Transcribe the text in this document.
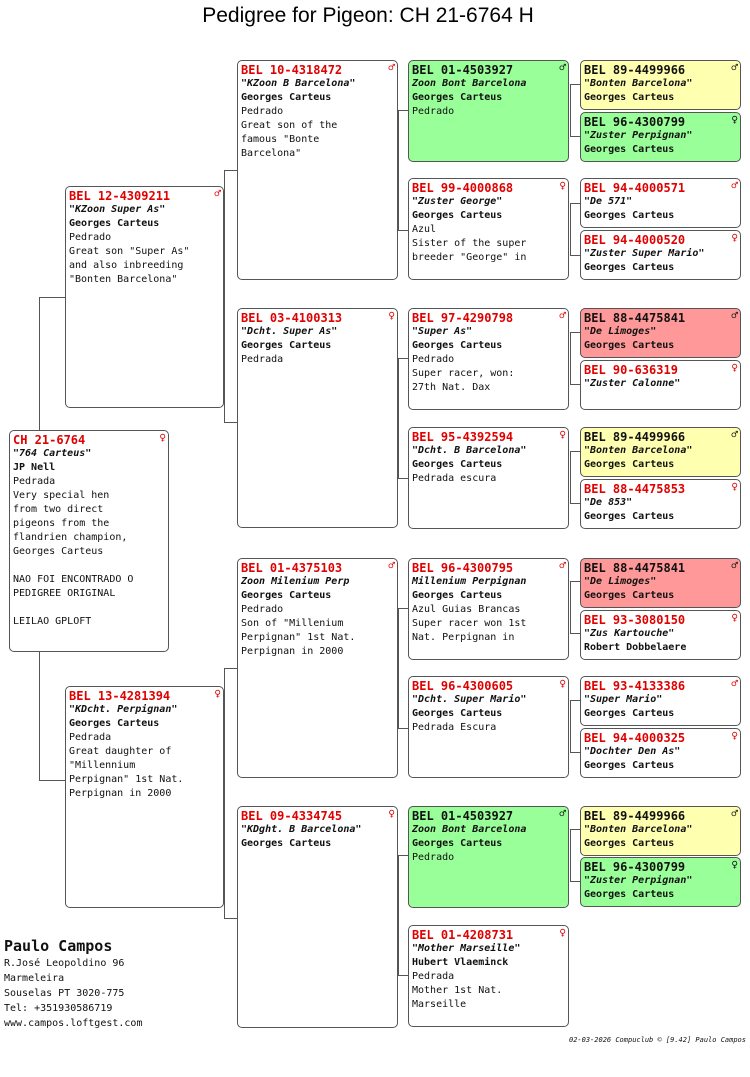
Pedigree for Pigeon: CH 21-6764 H
CH 21-6764	♀
"764 Carteus"
JP Nell
Pedrada
Very special hen
from two direct
pigeons from the
flandrien champion,
Georges Carteus

NAO FOI ENCONTRADO O
PEDIGREE ORIGINAL

LEILAO GPLOFT
BEL 12-4309211	♂
"KZoon Super As"
Georges Carteus
Pedrado
Great son "Super As"
and also inbreeding
"Bonten Barcelona"
BEL 13-4281394	♀
"KDcht. Perpignan"
Georges Carteus
Pedrada
Great daughter of
"Millennium
Perpignan" 1st Nat.
Perpignan in 2000
BEL 10-4318472	♂
"KZoon B Barcelona"
Georges Carteus
Pedrado
Great son of the
famous "Bonte
Barcelona"
BEL 03-4100313	♀
"Dcht. Super As"
Georges Carteus
Pedrada
BEL 01-4375103	♂
Zoon Milenium Perp
Georges Carteus
Pedrado
Son of "Millenium
Perpignan" 1st Nat.
Perpignan in 2000
BEL 09-4334745	♀
"KDght. B Barcelona"
Georges Carteus
BEL 01-4503927	♂
Zoon Bont Barcelona
Georges Carteus
Pedrado
BEL 99-4000868	♀
"Zuster George"
Georges Carteus
Azul
Sister of the super
breeder "George" in
BEL 97-4290798	♂
"Super As"
Georges Carteus
Pedrado
Super racer, won:
27th Nat. Dax
BEL 95-4392594	♀
"Dcht. B Barcelona"
Georges Carteus
Pedrada escura
BEL 96-4300795	♂
Millenium Perpignan
Georges Carteus
Azul Guias Brancas
Super racer won 1st
Nat. Perpignan in
BEL 96-4300605	♀
"Dcht. Super Mario"
Georges Carteus
Pedrada Escura
BEL 01-4503927	♂
Zoon Bont Barcelona
Georges Carteus
Pedrado
BEL 01-4208731	♀
"Mother Marseille"
Hubert Vlaeminck
Pedrada
Mother 1st Nat.
Marseille
BEL 89-4499966	♂
"Bonten Barcelona"
Georges Carteus
BEL 96-4300799	♀
"Zuster Perpignan"
Georges Carteus
BEL 94-4000571	♂
"De 571"
Georges Carteus
BEL 94-4000520	♀
"Zuster Super Mario"
Georges Carteus
BEL 88-4475841	♂
"De Limoges"
Georges Carteus
BEL 90-636319	♀
"Zuster Calonne"
BEL 89-4499966	♂
"Bonten Barcelona"
Georges Carteus
BEL 88-4475853	♀
"De 853"
Georges Carteus
BEL 88-4475841	♂
"De Limoges"
Georges Carteus
BEL 93-3080150	♀
"Zus Kartouche"
Robert Dobbelaere
BEL 93-4133386	♂
"Super Mario"
Georges Carteus
BEL 94-4000325	♀
"Dochter Den As"
Georges Carteus
BEL 89-4499966	♂
"Bonten Barcelona"
Georges Carteus
BEL 96-4300799	♀
"Zuster Perpignan"
Georges Carteus
Paulo Campos
R.José Leopoldino 96
Marmeleira
Souselas PT 3020-775
Tel: +351930586719
www.campos.loftgest.com
02-03-2026 Compuclub © [9.42] Paulo Campos
